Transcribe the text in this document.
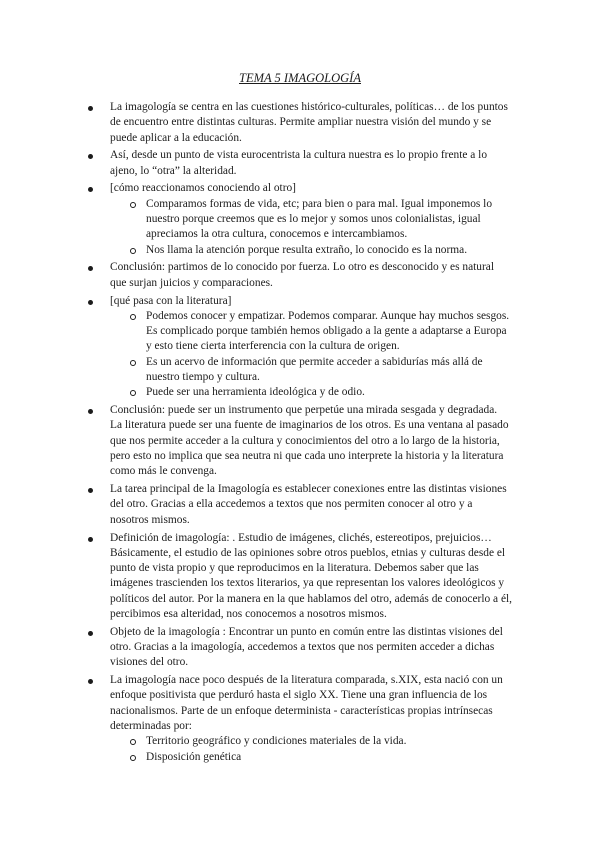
TEMA 5 IMAGOLOGÍA
La imagología se centra en las cuestiones histórico-culturales, políticas… de los puntos de encuentro entre distintas culturas. Permite ampliar nuestra visión del mundo y se puede aplicar a la educación.
Así, desde un punto de vista eurocentrista la cultura nuestra es lo propio frente a lo ajeno, lo “otra” la alteridad.
[cómo reaccionamos conociendo al otro]
Comparamos formas de vida, etc; para bien o para mal. Igual imponemos lo nuestro porque creemos que es lo mejor y somos unos colonialistas, igual apreciamos la otra cultura, conocemos e intercambiamos.
Nos llama la atención porque resulta extraño, lo conocido es la norma.
Conclusión: partimos de lo conocido por fuerza. Lo otro es desconocido y es natural que surjan juicios y comparaciones.
[qué pasa con la literatura]
Podemos conocer y empatizar. Podemos comparar. Aunque hay muchos sesgos. Es complicado porque también hemos obligado a la gente a adaptarse a Europa y esto tiene cierta interferencia con la cultura de origen.
Es un acervo de información que permite acceder a sabidurías más allá de nuestro tiempo y cultura.
Puede ser una herramienta ideológica y de odio.
Conclusión: puede ser un instrumento que perpetúe una mirada sesgada y degradada. La literatura puede ser una fuente de imaginarios de los otros. Es una ventana al pasado que nos permite acceder a la cultura y conocimientos del otro a lo largo de la historia, pero esto no implica que sea neutra ni que cada uno interprete la historia y la literatura como más le convenga.
La tarea principal de la Imagología es establecer conexiones entre las distintas visiones del otro. Gracias a ella accedemos a textos que nos permiten conocer al otro y a nosotros mismos.
Definición de imagología: . Estudio de imágenes, clichés, estereotipos, prejuicios… Básicamente, el estudio de las opiniones sobre otros pueblos, etnias y culturas desde el punto de vista propio y que reproducimos en la literatura. Debemos saber que las imágenes trascienden los textos literarios, ya que representan los valores ideológicos y políticos del autor. Por la manera en la que hablamos del otro, además de conocerlo a él, percibimos esa alteridad, nos conocemos a nosotros mismos.
Objeto de la imagología : Encontrar un punto en común entre las distintas visiones del otro. Gracias a la imagología, accedemos a textos que nos permiten acceder a dichas visiones del otro.
La imagología nace poco después de la literatura comparada, s.XIX, esta nació con un enfoque positivista que perduró hasta el siglo XX. Tiene una gran influencia de los nacionalismos. Parte de un enfoque determinista - características propias intrínsecas determinadas por:
Territorio geográfico y condiciones materiales de la vida.
Disposición genética
